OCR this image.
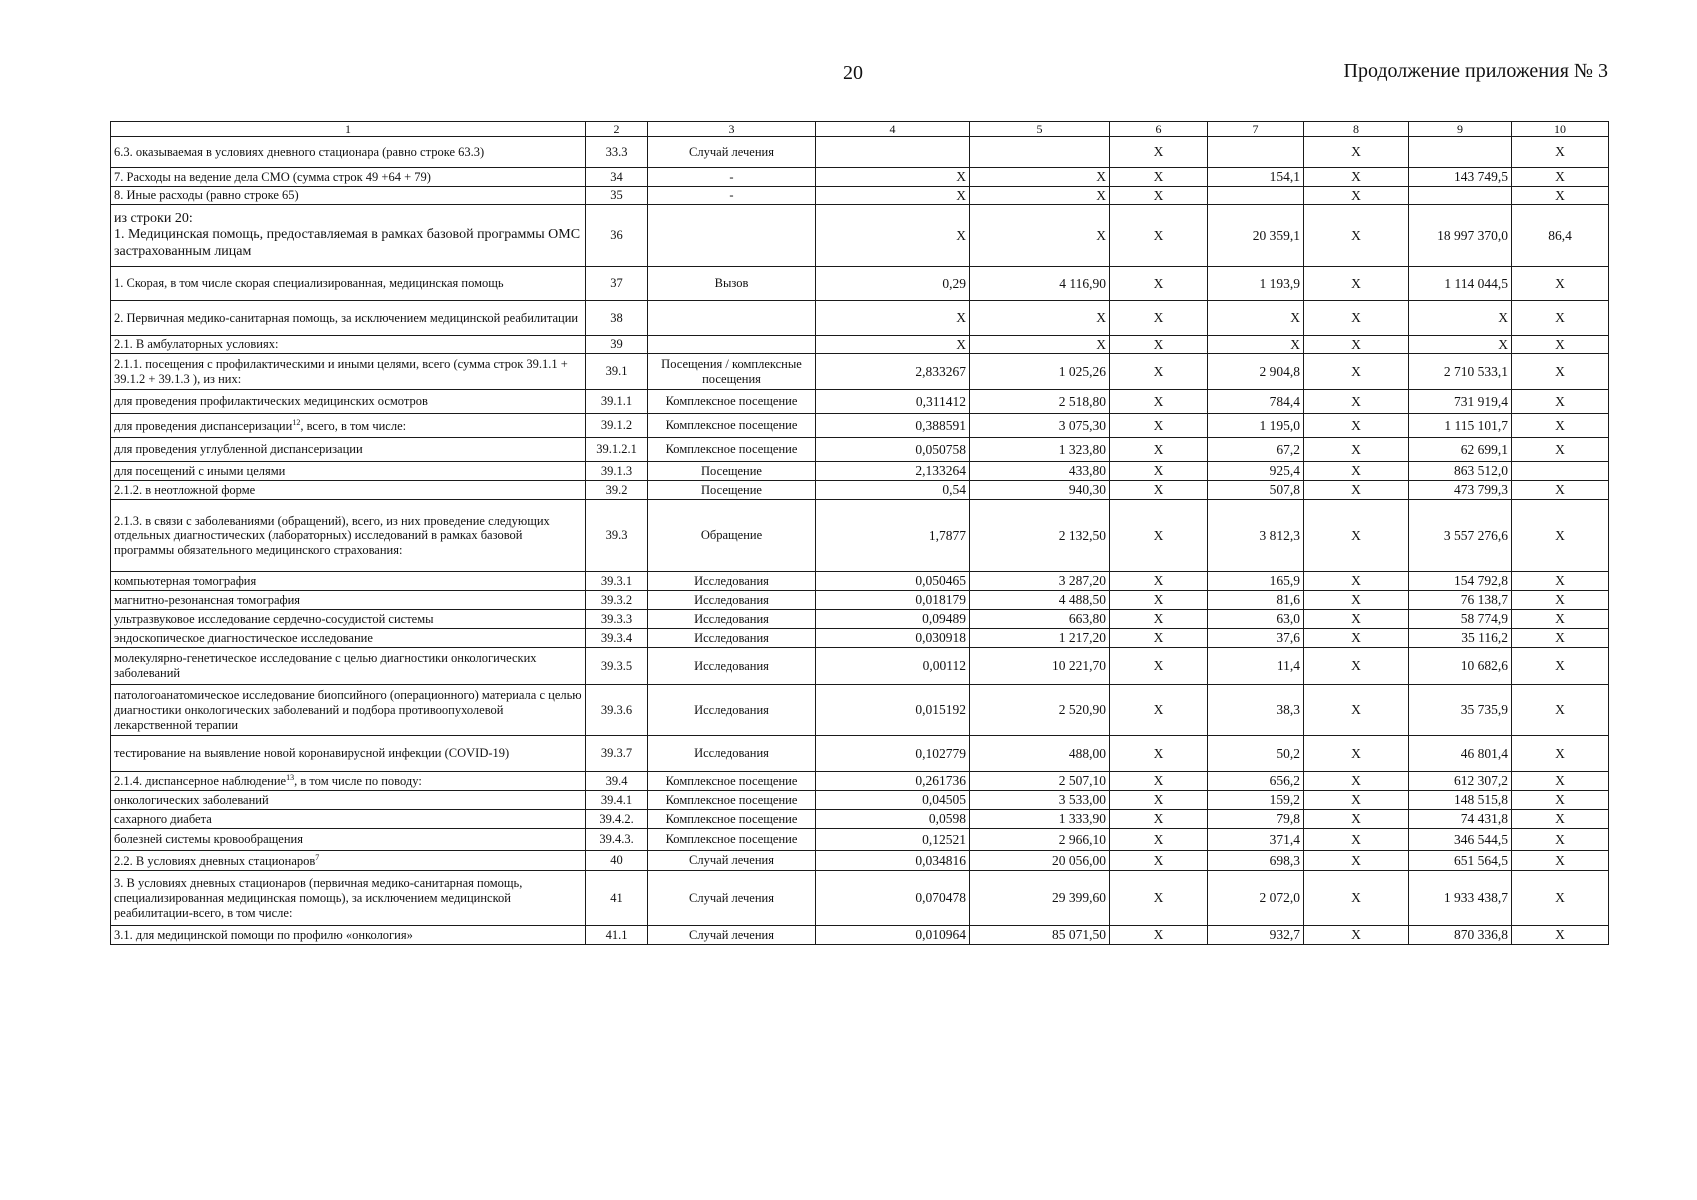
20	Продолжение приложения № 3
1	2	3	4	5	6	7	8	9	10
6.3. оказываемая в условиях дневного стационара (равно строке 63.3)	33.3	Случай лечения			X		X		X
7. Расходы на ведение дела СМО (сумма строк 49 +64 + 79)	34	-	X	X	X	154,1	X	143 749,5	X
8. Иные расходы (равно строке 65)	35	-	X	X	X		X		X
из строки 20:
1. Медицинская помощь, предоставляемая в рамках базовой программы ОМС застрахованным лицам	36		X	X	X	20 359,1	X	18 997 370,0	86,4
1. Скорая, в том числе скорая специализированная, медицинская помощь	37	Вызов	0,29	4 116,90	X	1 193,9	X	1 114 044,5	X
2. Первичная медико-санитарная помощь, за исключением медицинской реабилитации	38		X	X	X	X	X	X	X
2.1. В амбулаторных условиях:	39		X	X	X	X	X	X	X
2.1.1. посещения с профилактическими и иными целями, всего (сумма строк 39.1.1 + 39.1.2 + 39.1.3 ), из них:	39.1	Посещения / комплексные посещения	2,833267	1 025,26	X	2 904,8	X	2 710 533,1	X
для проведения профилактических медицинских осмотров	39.1.1	Комплексное посещение	0,311412	2 518,80	X	784,4	X	731 919,4	X
для проведения диспансеризации$^{12}$, всего, в том числе:	39.1.2	Комплексное посещение	0,388591	3 075,30	X	1 195,0	X	1 115 101,7	X
для проведения углубленной диспансеризации	39.1.2.1	Комплексное посещение	0,050758	1 323,80	X	67,2	X	62 699,1	X
для посещений с иными целями	39.1.3	Посещение	2,133264	433,80	X	925,4	X	863 512,0	
2.1.2. в неотложной форме	39.2	Посещение	0,54	940,30	X	507,8	X	473 799,3	X
2.1.3. в связи с заболеваниями (обращений), всего, из них проведение следующих отдельных диагностических (лабораторных) исследований в рамках базовой программы обязательного медицинского страхования:	39.3	Обращение	1,7877	2 132,50	X	3 812,3	X	3 557 276,6	X
компьютерная томография	39.3.1	Исследования	0,050465	3 287,20	X	165,9	X	154 792,8	X
магнитно-резонансная томография	39.3.2	Исследования	0,018179	4 488,50	X	81,6	X	76 138,7	X
ультразвуковое исследование сердечно-сосудистой системы	39.3.3	Исследования	0,09489	663,80	X	63,0	X	58 774,9	X
эндоскопическое диагностическое исследование	39.3.4	Исследования	0,030918	1 217,20	X	37,6	X	35 116,2	X
молекулярно-генетическое исследование с целью диагностики онкологических заболеваний	39.3.5	Исследования	0,00112	10 221,70	X	11,4	X	10 682,6	X
патологоанатомическое исследование биопсийного (операционного) материала с целью диагностики онкологических заболеваний и подбора противоопухолевой лекарственной терапии	39.3.6	Исследования	0,015192	2 520,90	X	38,3	X	35 735,9	X
тестирование на выявление новой коронавирусной инфекции (COVID-19)	39.3.7	Исследования	0,102779	488,00	X	50,2	X	46 801,4	X
2.1.4. диспансерное наблюдение$^{13}$, в том числе по поводу:	39.4	Комплексное посещение	0,261736	2 507,10	X	656,2	X	612 307,2	X
онкологических заболеваний	39.4.1	Комплексное посещение	0,04505	3 533,00	X	159,2	X	148 515,8	X
сахарного диабета	39.4.2.	Комплексное посещение	0,0598	1 333,90	X	79,8	X	74 431,8	X
болезней системы кровообращения	39.4.3.	Комплексное посещение	0,12521	2 966,10	X	371,4	X	346 544,5	X
2.2. В условиях дневных стационаров$^7$	40	Случай лечения	0,034816	20 056,00	X	698,3	X	651 564,5	X
3. В условиях дневных стационаров (первичная медико-санитарная помощь, специализированная медицинская помощь), за исключением медицинской реабилитации-всего, в том числе:	41	Случай лечения	0,070478	29 399,60	X	2 072,0	X	1 933 438,7	X
3.1. для медицинской помощи по профилю «онкология»	41.1	Случай лечения	0,010964	85 071,50	X	932,7	X	870 336,8	X
